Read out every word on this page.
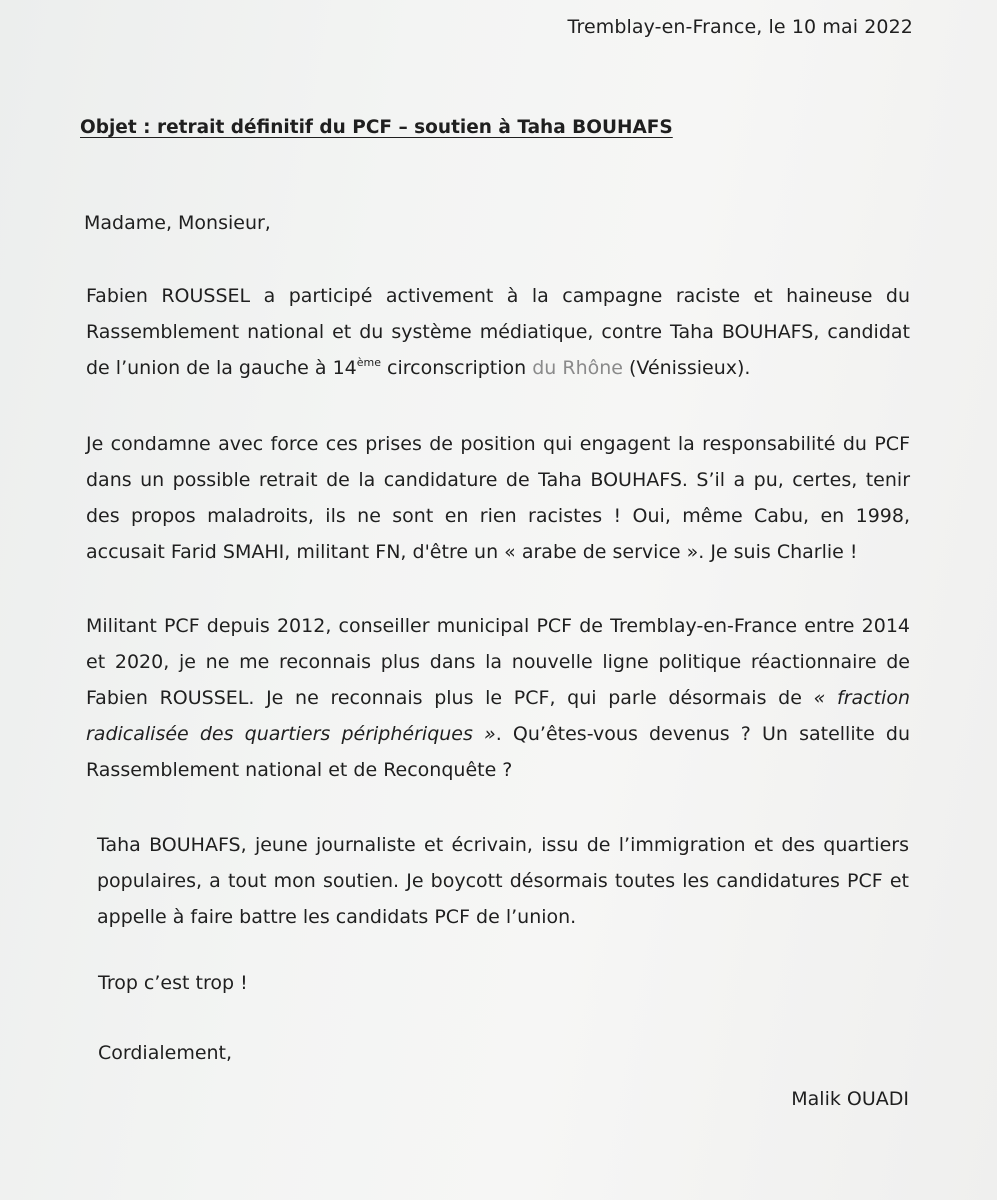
Tremblay-en-France, le 10 mai 2022
Objet : retrait définitif du PCF – soutien à Taha BOUHAFS
Madame, Monsieur,

Fabien ROUSSEL a participé activement à la campagne raciste et haineuse du Rassemblement national et du système médiatique, contre Taha BOUHAFS, candidat de l’union de la gauche à 14ème circonscription du Rhône (Vénissieux).

Je condamne avec force ces prises de position qui engagent la responsabilité du PCF dans un possible retrait de la candidature de Taha BOUHAFS. S’il a pu, certes, tenir des propos maladroits, ils ne sont en rien racistes ! Oui, même Cabu, en 1998, accusait Farid SMAHI, militant FN, d'être un « arabe de service ». Je suis Charlie !

Militant PCF depuis 2012, conseiller municipal PCF de Tremblay-en-France entre 2014 et 2020, je ne me reconnais plus dans la nouvelle ligne politique réactionnaire de Fabien ROUSSEL. Je ne reconnais plus le PCF, qui parle désormais de « fraction radicalisée des quartiers périphériques ». Qu’êtes-vous devenus ? Un satellite du Rassemblement national et de Reconquête ?

Taha BOUHAFS, jeune journaliste et écrivain, issu de l’immigration et des quartiers populaires, a tout mon soutien. Je boycott désormais toutes les candidatures PCF et appelle à faire battre les candidats PCF de l’union.

Trop c’est trop !
Cordialement,
Malik OUADI
